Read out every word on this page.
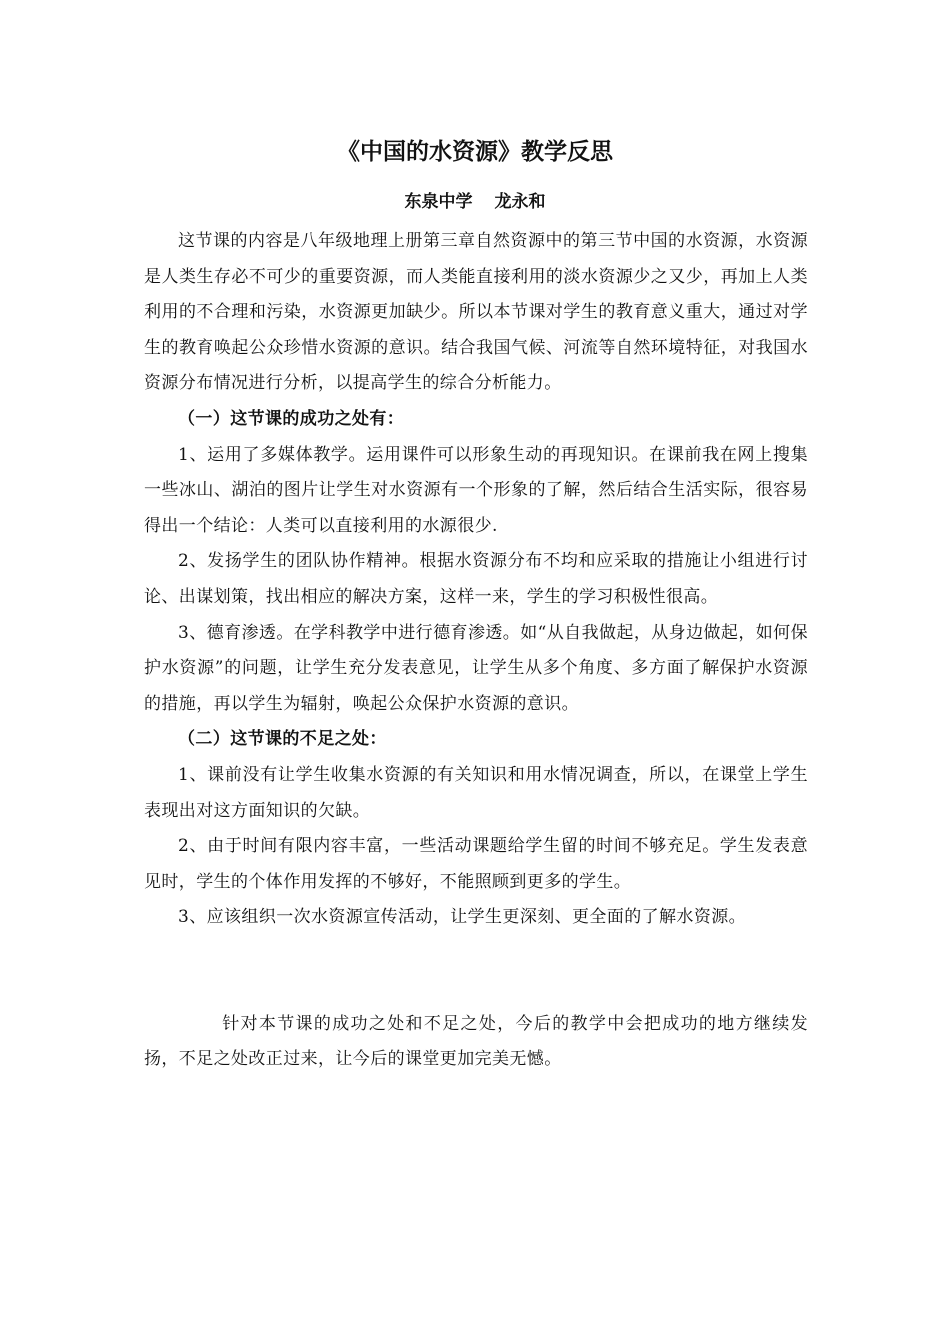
《中国的水资源》教学反思
东泉中学 龙永和

这节课的内容是八年级地理上册第三章自然资源中的第三节中国的水资源，水资源是人类生存必不可少的重要资源，而人类能直接利用的淡水资源少之又少，再加上人类利用的不合理和污染，水资源更加缺少。所以本节课对学生的教育意义重大，通过对学生的教育唤起公众珍惜水资源的意识。结合我国气候、河流等自然环境特征，对我国水资源分布情况进行分析，以提高学生的综合分析能力。

（一）这节课的成功之处有：

1、运用了多媒体教学。运用课件可以形象生动的再现知识。在课前我在网上搜集一些冰山、湖泊的图片让学生对水资源有一个形象的了解，然后结合生活实际，很容易得出一个结论：人类可以直接利用的水源很少.

2、发扬学生的团队协作精神。根据水资源分布不均和应采取的措施让小组进行讨论、出谋划策，找出相应的解决方案，这样一来，学生的学习积极性很高。

3、德育渗透。在学科教学中进行德育渗透。如“从自我做起，从身边做起，如何保护水资源”的问题，让学生充分发表意见，让学生从多个角度、多方面了解保护水资源的措施，再以学生为辐射，唤起公众保护水资源的意识。

（二）这节课的不足之处：

1、课前没有让学生收集水资源的有关知识和用水情况调查，所以，在课堂上学生表现出对这方面知识的欠缺。

2、由于时间有限内容丰富，一些活动课题给学生留的时间不够充足。学生发表意见时，学生的个体作用发挥的不够好，不能照顾到更多的学生。

3、应该组织一次水资源宣传活动，让学生更深刻、更全面的了解水资源。

针对本节课的成功之处和不足之处，今后的教学中会把成功的地方继续发扬，不足之处改正过来，让今后的课堂更加完美无憾。
